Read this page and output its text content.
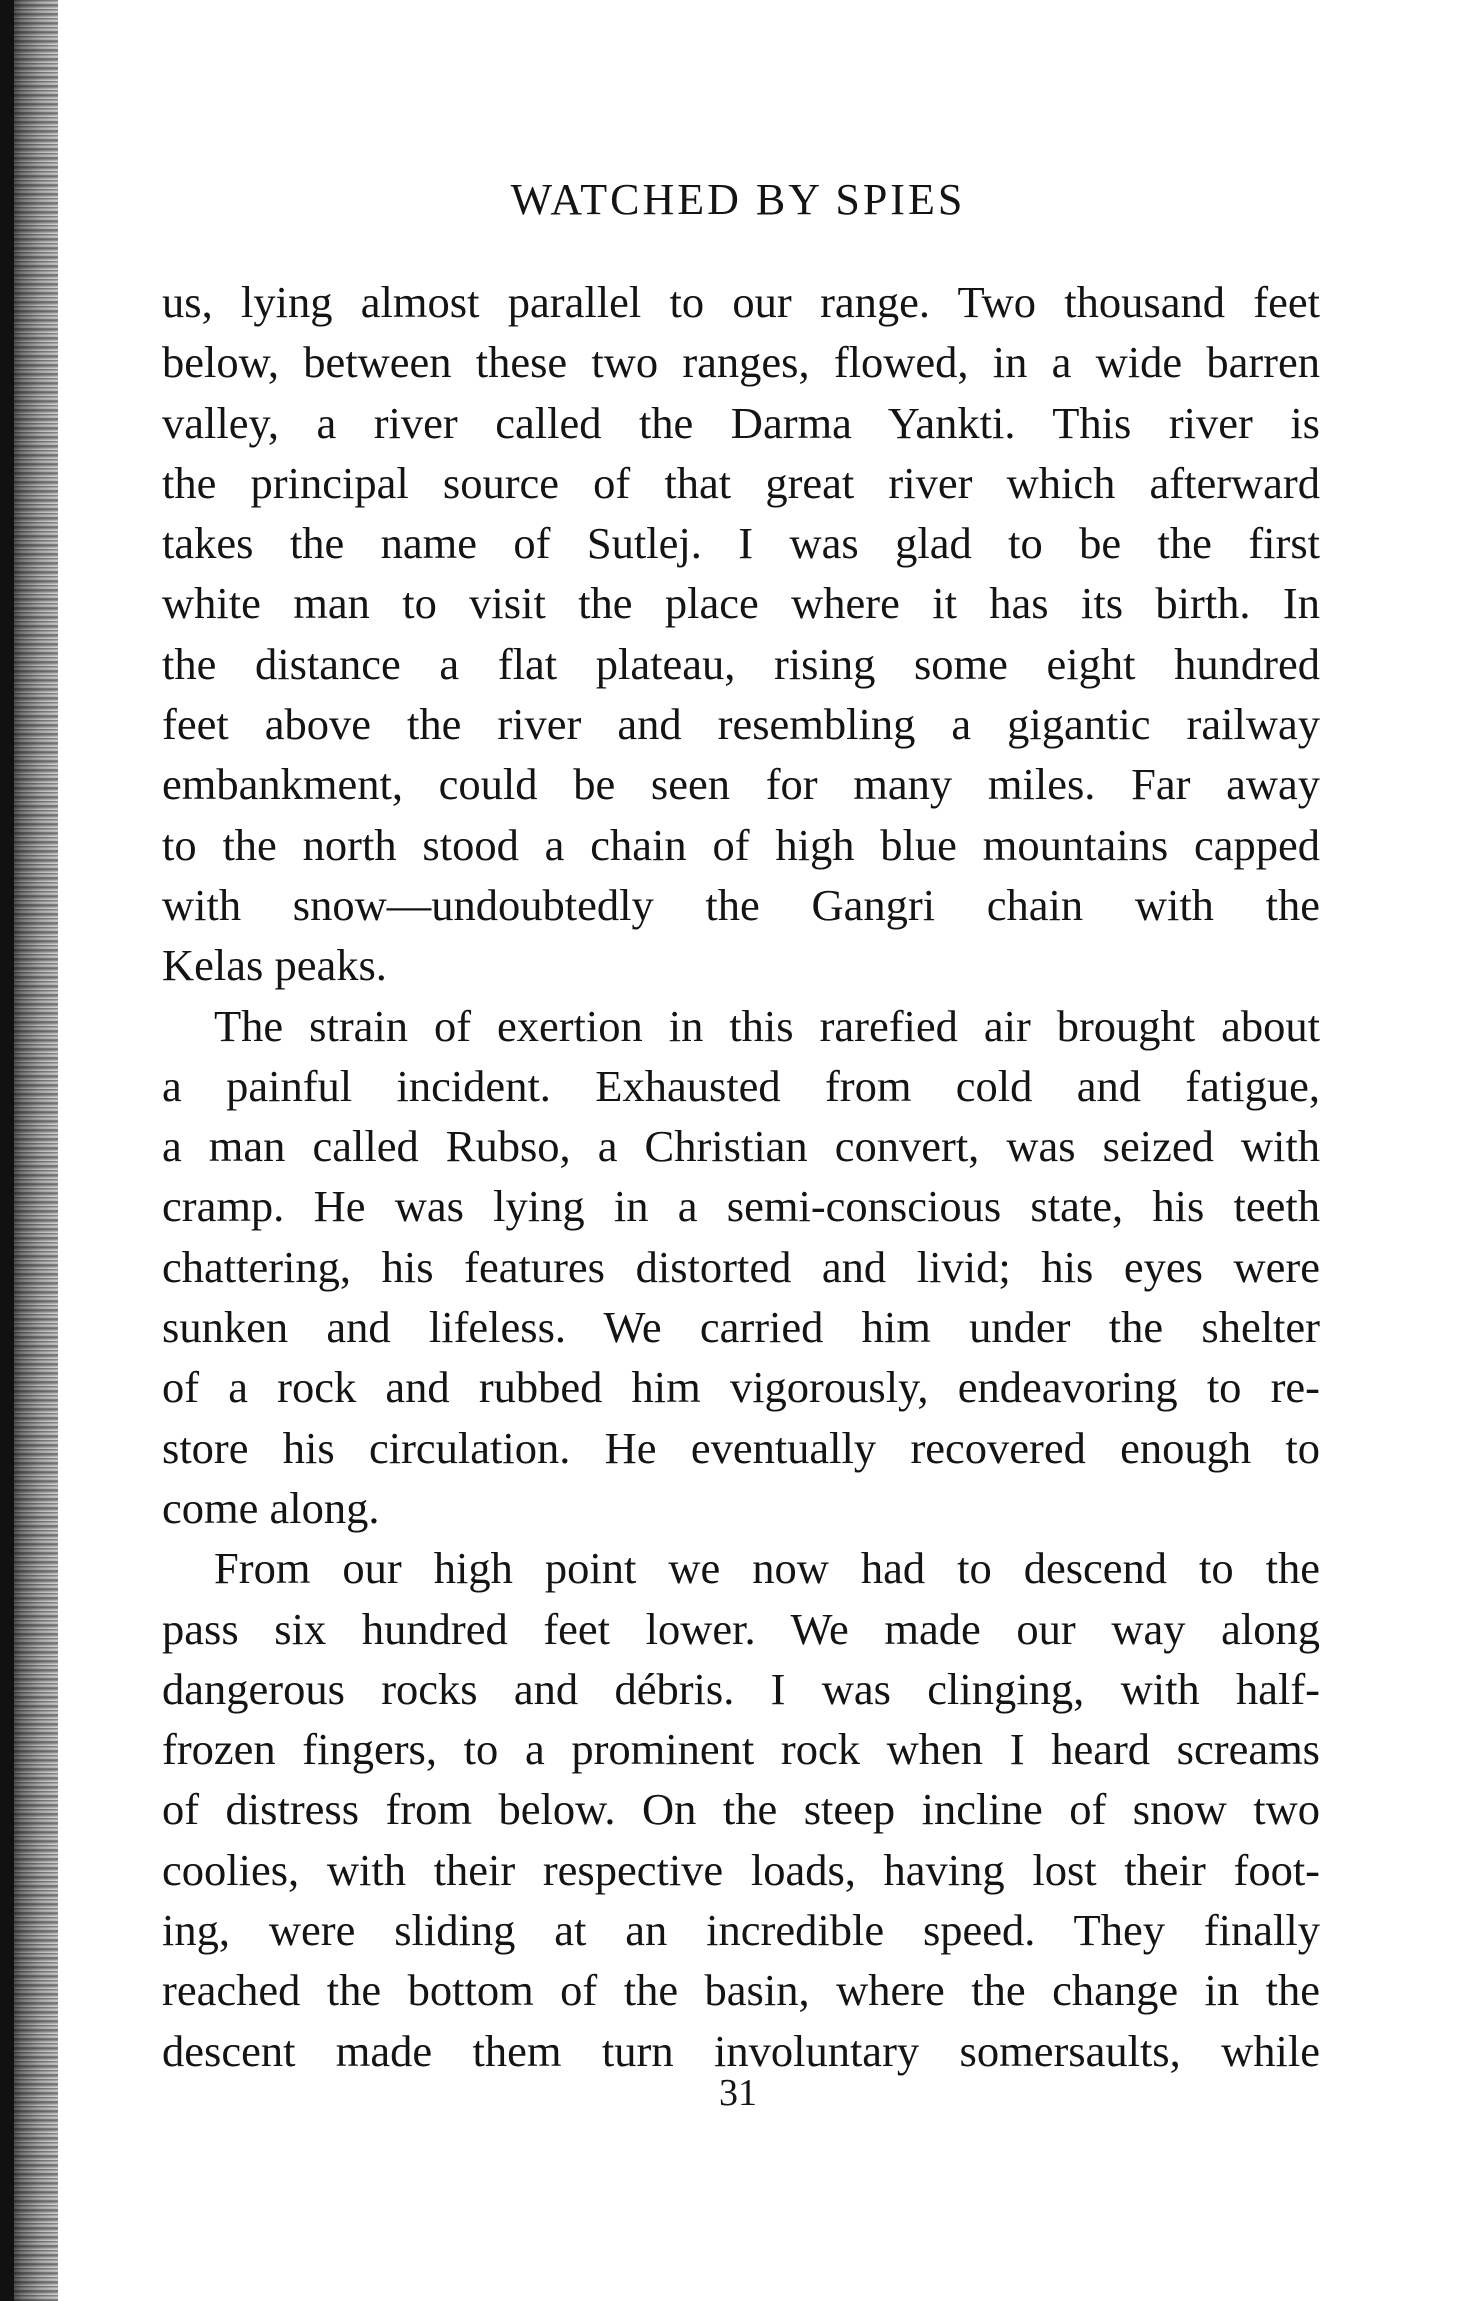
WATCHED BY SPIES
us, lying almost parallel to our range. Two thousand feet
below, between these two ranges, flowed, in a wide barren
valley, a river called the Darma Yankti. This river is
the principal source of that great river which afterward
takes the name of Sutlej. I was glad to be the first
white man to visit the place where it has its birth. In
the distance a flat plateau, rising some eight hundred
feet above the river and resembling a gigantic railway
embankment, could be seen for many miles. Far away
to the north stood a chain of high blue mountains capped
with snow—undoubtedly the Gangri chain with the
Kelas peaks.
The strain of exertion in this rarefied air brought about
a painful incident. Exhausted from cold and fatigue,
a man called Rubso, a Christian convert, was seized with
cramp. He was lying in a semi-conscious state, his teeth
chattering, his features distorted and livid; his eyes were
sunken and lifeless. We carried him under the shelter
of a rock and rubbed him vigorously, endeavoring to re-
store his circulation. He eventually recovered enough to
come along.
From our high point we now had to descend to the
pass six hundred feet lower. We made our way along
dangerous rocks and débris. I was clinging, with half-
frozen fingers, to a prominent rock when I heard screams
of distress from below. On the steep incline of snow two
coolies, with their respective loads, having lost their foot-
ing, were sliding at an incredible speed. They finally
reached the bottom of the basin, where the change in the
descent made them turn involuntary somersaults, while
31
